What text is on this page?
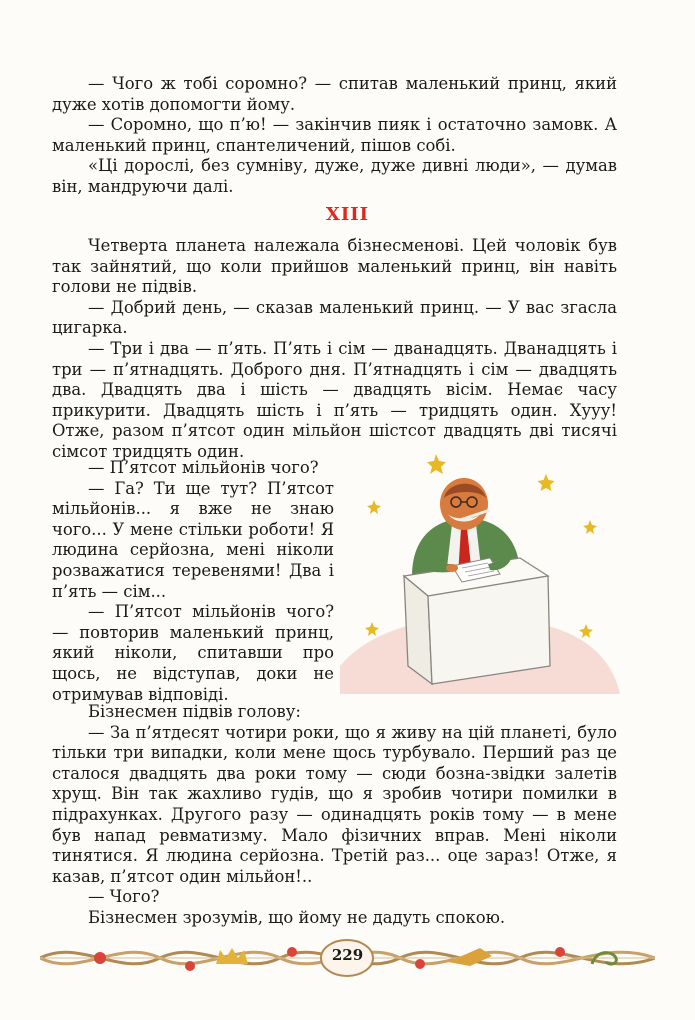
— Чого ж тобі соромно? — спитав маленький принц, який дуже хотів допомогти йому.

— Соромно, що п’ю! — закінчив пияк і остаточно замовк. А маленький принц, спантеличений, пішов собі.

«Ці дорослі, без сумніву, дуже, дуже дивні люди», — думав він, мандруючи далі.

XIII

Четверта планета належала бізнесменові. Цей чоловік був так зайнятий, що коли прийшов маленький принц, він навіть голови не підвів.

— Добрий день, — сказав маленький принц. — У вас згасла цигарка.

— Три і два — п’ять. П’ять і сім — дванадцять. Дванадцять і три — п’ятнадцять. Доброго дня. П’ятнадцять і сім — двадцять два. Двадцять два і шість — двадцять вісім. Немає часу прикурити. Двадцять шість і п’ять — тридцять один. Хууу! Отже, разом п’ятсот один мільйон шістсот двадцять дві тисячі сімсот тридцять один.

— П’ятсот мільйонів чого?

— Га? Ти ще тут? П’ятсот мільйонів... я вже не знаю чого... У мене стільки роботи! Я людина серйозна, мені ніколи розважатися теревенями! Два і п’ять — сім...

— П’ятсот мільйонів чого? — повторив маленький принц, який ніколи, спитавши про щось, не відступав, доки не отримував відповіді.

Бізнесмен підвів голову:

— За п’ятдесят чотири роки, що я живу на цій планеті, було тільки три випадки, коли мене щось турбувало. Перший раз це сталося двадцять два роки тому — сюди бозна-звідки залетів хрущ. Він так жахливо гудів, що я зробив чотири помилки в підрахунках. Другого разу — одинадцять років тому — в мене був напад ревматизму. Мало фізичних вправ. Мені ніколи тинятися. Я людина серйозна. Третій раз... оце зараз! Отже, я казав, п’ятсот один мільйон!..

— Чого?

Бізнесмен зрозумів, що йому не дадуть спокою.

229
